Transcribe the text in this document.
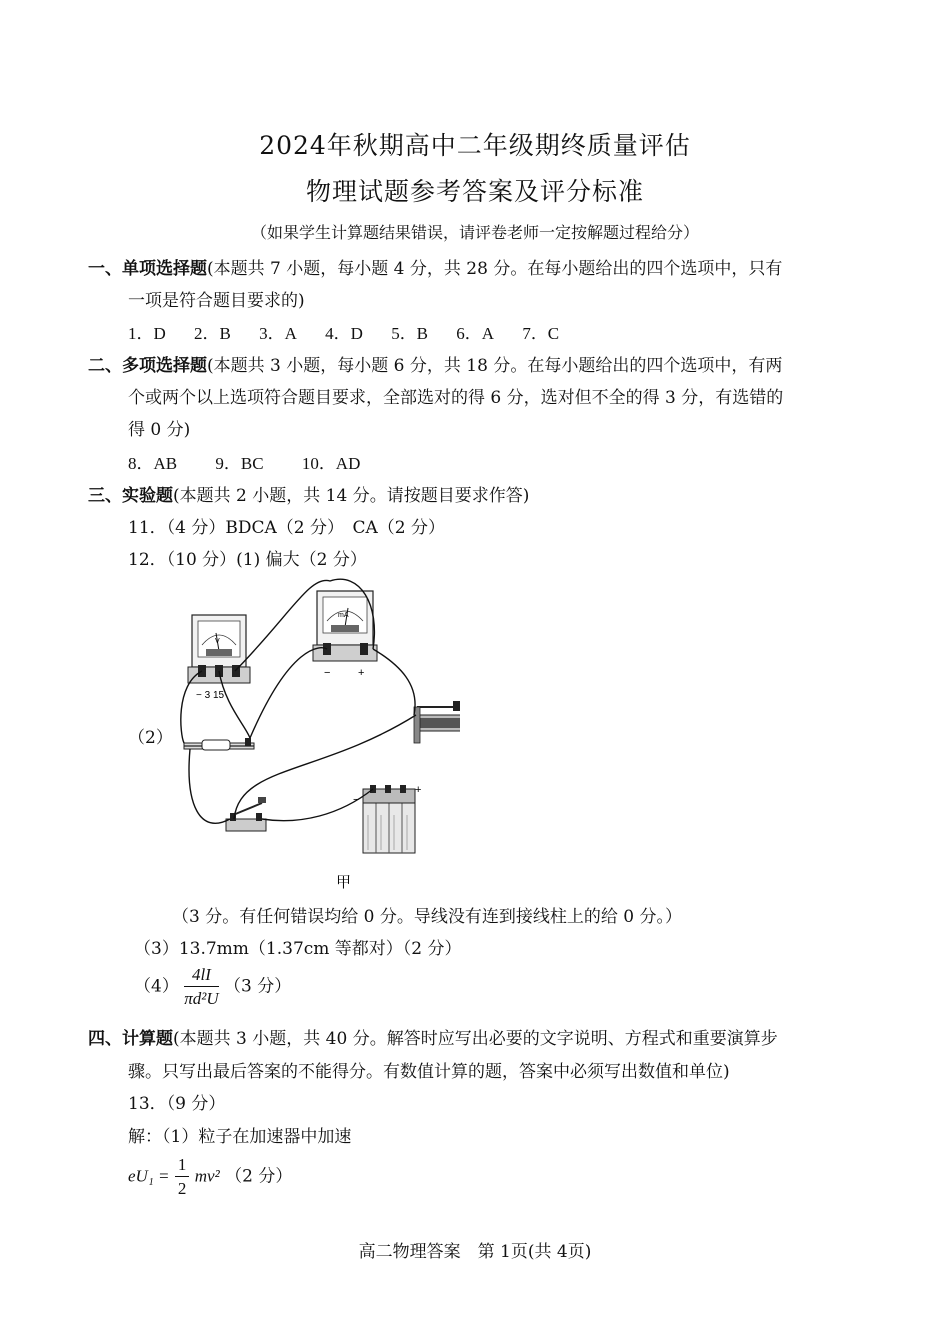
2024年秋期高中二年级期终质量评估
物理试题参考答案及评分标准
（如果学生计算题结果错误，请评卷老师一定按解题过程给分）
一、单项选择题(本题共 7 小题，每小题 4 分，共 28 分。在每小题给出的四个选项中，只有
一项是符合题目要求的)
1．D 2．B 3．A 4．D 5．B 6．A 7．C
二、多项选择题(本题共 3 小题，每小题 6 分，共 18 分。在每小题给出的四个选项中，有两
个或两个以上选项符合题目要求，全部选对的得 6 分，选对但不全的得 3 分，有选错的
得 0 分)
8．AB 9．BC 10．AD
三、实验题(本题共 2 小题，共 14 分。请按题目要求作答)
11．（4 分）BDCA（2 分）　CA（2 分）
12．（10 分）(1) 偏大（2 分）
（2）
V
− 3 15
mA
−	+
−
+
甲
（3 分。有任何错误均给 0 分。导线没有连到接线柱上的给 0 分。）
（3）13.7mm（1.37cm 等都对）（2 分）
$(4) \frac{4lI}{\text{πd²U}} (3$ 分）
四、计算题(本题共 3 小题，共 40 分。解答时应写出必要的文字说明、方程式和重要演算步
骤。只写出最后答案的不能得分。有数值计算的题，答案中必须写出数值和单位)
13．（9 分）
解：（1）粒子在加速器中加速
$eU_1 = \frac{1}{2} mv^2$ （2 分）
高二物理答案　第 1页(共 4页)
